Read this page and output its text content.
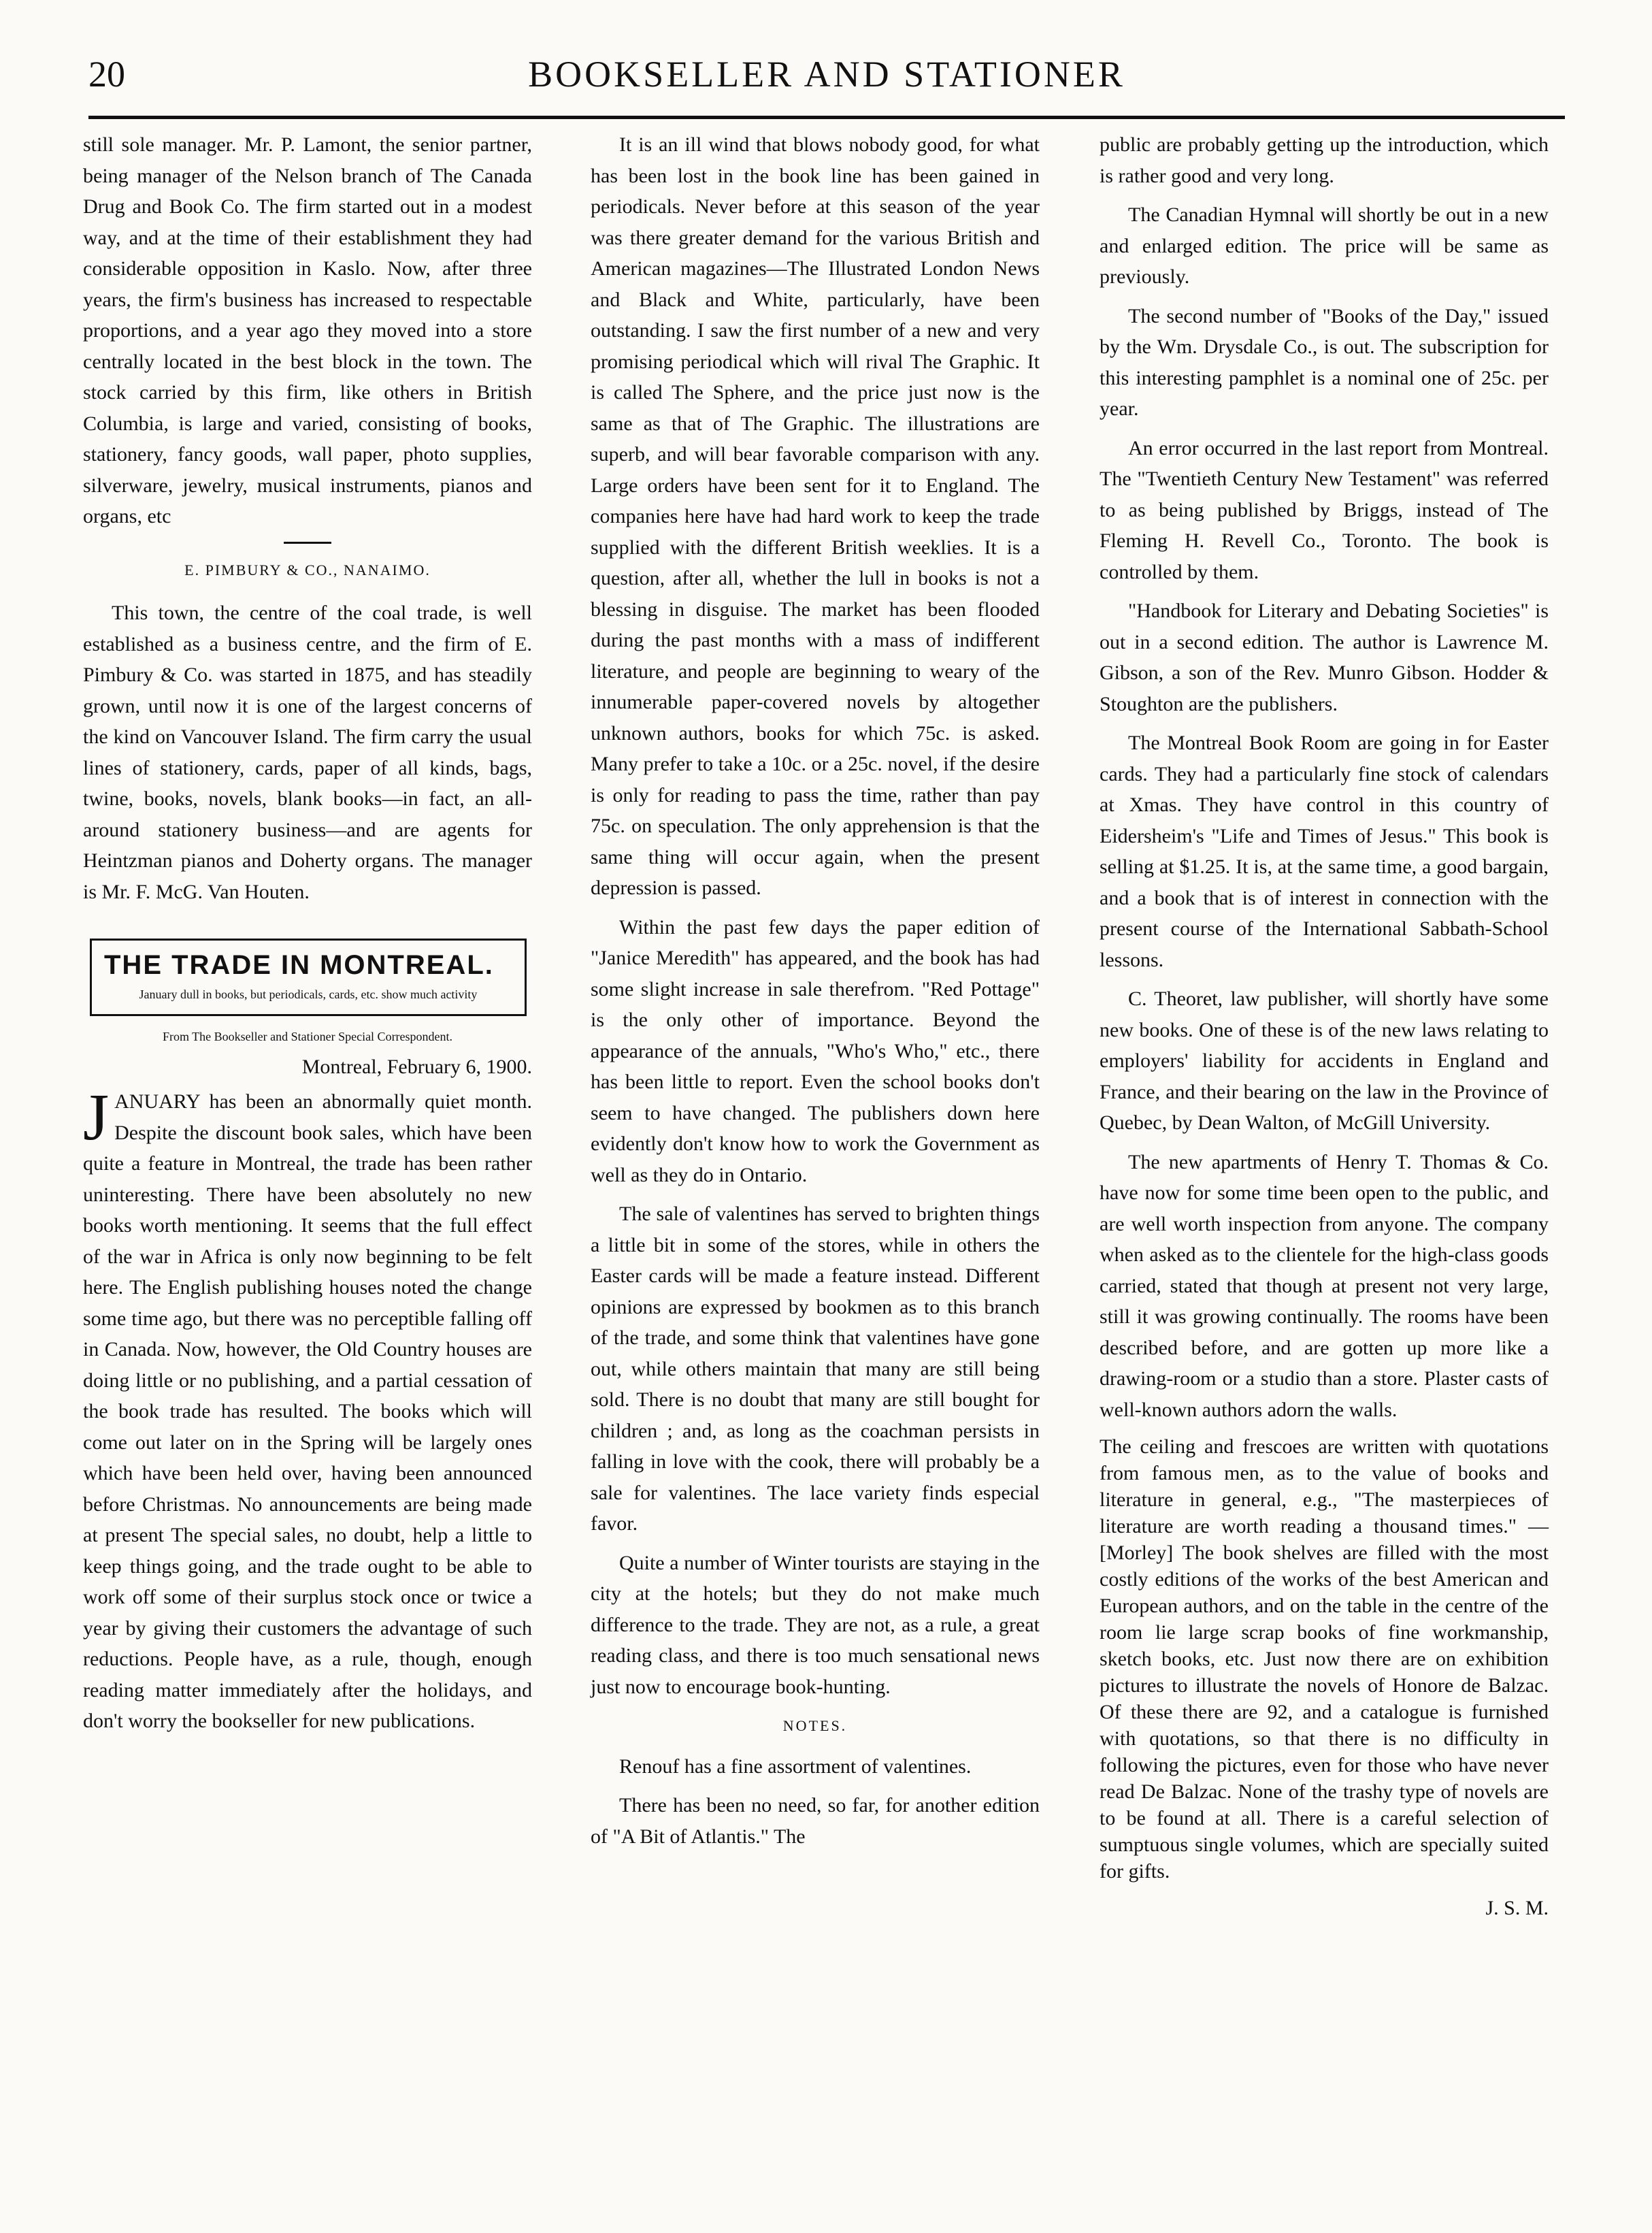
20	BOOKSELLER AND STATIONER

still sole manager. Mr. P. Lamont, the senior partner, being manager of the Nelson branch of The Canada Drug and Book Co. The firm started out in a modest way, and at the time of their establishment they had considerable opposition in Kaslo. Now, after three years, the firm's business has increased to respectable proportions, and a year ago they moved into a store centrally located in the best block in the town. The stock carried by this firm, like others in British Columbia, is large and varied, consisting of books, stationery, fancy goods, wall paper, photo supplies, silverware, jewelry, musical instruments, pianos and organs, etc

E. PIMBURY & CO., NANAIMO.

This town, the centre of the coal trade, is well established as a business centre, and the firm of E. Pimbury & Co. was started in 1875, and has steadily grown, until now it is one of the largest concerns of the kind on Vancouver Island. The firm carry the usual lines of stationery, cards, paper of all kinds, bags, twine, books, novels, blank books—in fact, an all-around stationery business—and are agents for Heintzman pianos and Doherty organs. The manager is Mr. F. McG. Van Houten.

THE TRADE IN MONTREAL.
January dull in books, but periodicals, cards, etc. show much activity
From The Bookseller and Stationer Special Correspondent.
Montreal, February 6, 1900.

JANUARY has been an abnormally quiet month. Despite the discount book sales, which have been quite a feature in Montreal, the trade has been rather uninteresting. There have been absolutely no new books worth mentioning. It seems that the full effect of the war in Africa is only now beginning to be felt here. The English publishing houses noted the change some time ago, but there was no perceptible falling off in Canada. Now, however, the Old Country houses are doing little or no publishing, and a partial cessation of the book trade has resulted. The books which will come out later on in the Spring will be largely ones which have been held over, having been announced before Christmas. No announcements are being made at present The special sales, no doubt, help a little to keep things going, and the trade ought to be able to work off some of their surplus stock once or twice a year by giving their customers the advantage of such reductions. People have, as a rule, though, enough reading matter immediately after the holidays, and don't worry the bookseller for new publications.

It is an ill wind that blows nobody good, for what has been lost in the book line has been gained in periodicals. Never before at this season of the year was there greater demand for the various British and American magazines—The Illustrated London News and Black and White, particularly, have been outstanding. I saw the first number of a new and very promising periodical which will rival The Graphic. It is called The Sphere, and the price just now is the same as that of The Graphic. The illustrations are superb, and will bear favorable comparison with any. Large orders have been sent for it to England. The companies here have had hard work to keep the trade supplied with the different British weeklies. It is a question, after all, whether the lull in books is not a blessing in disguise. The market has been flooded during the past months with a mass of indifferent literature, and people are beginning to weary of the innumerable paper-covered novels by altogether unknown authors, books for which 75c. is asked. Many prefer to take a 10c. or a 25c. novel, if the desire is only for reading to pass the time, rather than pay 75c. on speculation. The only apprehension is that the same thing will occur again, when the present depression is passed.

Within the past few days the paper edition of "Janice Meredith" has appeared, and the book has had some slight increase in sale therefrom. "Red Pottage" is the only other of importance. Beyond the appearance of the annuals, "Who's Who," etc., there has been little to report. Even the school books don't seem to have changed. The publishers down here evidently don't know how to work the Government as well as they do in Ontario.

The sale of valentines has served to brighten things a little bit in some of the stores, while in others the Easter cards will be made a feature instead. Different opinions are expressed by bookmen as to this branch of the trade, and some think that valentines have gone out, while others maintain that many are still being sold. There is no doubt that many are still bought for children ; and, as long as the coachman persists in falling in love with the cook, there will probably be a sale for valentines. The lace variety finds especial favor.

Quite a number of Winter tourists are staying in the city at the hotels; but they do not make much difference to the trade. They are not, as a rule, a great reading class, and there is too much sensational news just now to encourage book-hunting.

NOTES.

Renouf has a fine assortment of valentines.

There has been no need, so far, for another edition of "A Bit of Atlantis." The

public are probably getting up the introduction, which is rather good and very long.

The Canadian Hymnal will shortly be out in a new and enlarged edition. The price will be same as previously.

The second number of "Books of the Day," issued by the Wm. Drysdale Co., is out. The subscription for this interesting pamphlet is a nominal one of 25c. per year.

An error occurred in the last report from Montreal. The "Twentieth Century New Testament" was referred to as being published by Briggs, instead of The Fleming H. Revell Co., Toronto. The book is controlled by them.

"Handbook for Literary and Debating Societies" is out in a second edition. The author is Lawrence M. Gibson, a son of the Rev. Munro Gibson. Hodder & Stoughton are the publishers.

The Montreal Book Room are going in for Easter cards. They had a particularly fine stock of calendars at Xmas. They have control in this country of Eidersheim's "Life and Times of Jesus." This book is selling at $1.25. It is, at the same time, a good bargain, and a book that is of interest in connection with the present course of the International Sabbath-School lessons.

C. Theoret, law publisher, will shortly have some new books. One of these is of the new laws relating to employers' liability for accidents in England and France, and their bearing on the law in the Province of Quebec, by Dean Walton, of McGill University.

The new apartments of Henry T. Thomas & Co. have now for some time been open to the public, and are well worth inspection from anyone. The company when asked as to the clientele for the high-class goods carried, stated that though at present not very large, still it was growing continually. The rooms have been described before, and are gotten up more like a drawing-room or a studio than a store. Plaster casts of well-known authors adorn the walls.

The ceiling and frescoes are written with quotations from famous men, as to the value of books and literature in general, e.g., "The masterpieces of literature are worth reading a thousand times." — [Morley] The book shelves are filled with the most costly editions of the works of the best American and European authors, and on the table in the centre of the room lie large scrap books of fine workmanship, sketch books, etc. Just now there are on exhibition pictures to illustrate the novels of Honore de Balzac. Of these there are 92, and a catalogue is furnished with quotations, so that there is no difficulty in following the pictures, even for those who have never read De Balzac. None of the trashy type of novels are to be found at all. There is a careful selection of sumptuous single volumes, which are specially suited for gifts.

J. S. M.
